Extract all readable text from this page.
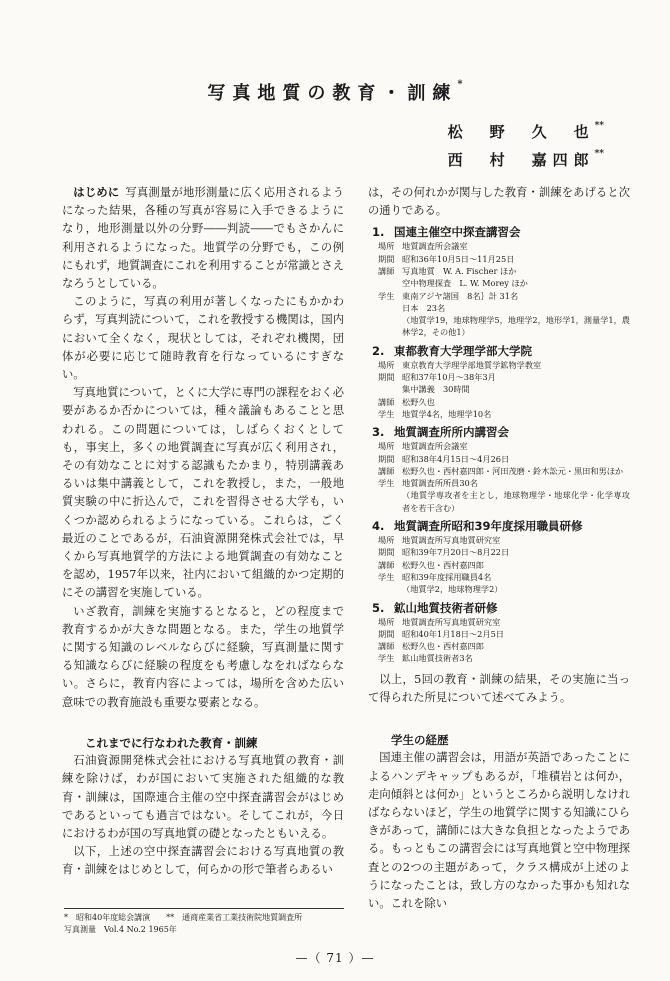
写真地質の教育・訓練*
松　野　久　也**
西　村　嘉四郎**

はじめに 写真測量が地形測量に広く応用されるようになった結果，各種の写真が容易に入手できるようになり，地形測量以外の分野――判読――でもさかんに利用されるようになった。地質学の分野でも，この例にもれず，地質調査にこれを利用することが常識とさえなろうとしている。

このように，写真の利用が著しくなったにもかかわらず，写真判読について，これを教授する機関は，国内において全くなく，現状としては，それぞれ機関，団体が必要に応じて随時教育を行なっているにすぎない。

写真地質について，とくに大学に専門の課程をおく必要があるか否かについては，種々議論もあることと思われる。この問題については，しばらくおくとしても，事実上，多くの地質調査に写真が広く利用され，その有効なことに対する認識もたかまり，特別講義あるいは集中講義として，これを教授し，また，一般地質実験の中に折込んで，これを習得させる大学も，いくつか認められるようになっている。これらは，ごく最近のことであるが，石油資源開発株式会社では，早くから写真地質学的方法による地質調査の有効なことを認め，1957年以来，社内において組織的かつ定期的にその講習を実施している。

いざ教育，訓練を実施するとなると，どの程度まで教育するかが大きな問題となる。また，学生の地質学に関する知識のレベルならびに経験，写真測量に関する知識ならびに経験の程度をも考慮しなをればならない。さらに，教育内容によっては，場所を含めた広い意味での教育施設も重要な要素となる。

これまでに行なわれた教育・訓練

石油資源開発株式会社における写真地質の教育・訓練を除けば，わが国において実施された組織的な教育・訓練は，国際連合主催の空中探査講習会がはじめであるといっても過言ではない。そしてこれが，今日におけるわが国の写真地質の礎となったともいえる。

以下，上述の空中探査講習会における写真地質の教育・訓練をはじめとして，何らかの形で筆者らあるい

は，その何れかが関与した教育・訓練をあげると次の通りである。

1. 国連主催空中探査講習会
場所 地質調査所会議室
期間 昭和36年10月5日～11月25日
講師 写真地質　W. A. Fischer ほか
空中物理探査　L. W. Morey ほか
学生 東南アジヤ諸国　8名｝計 31名
日本　23名
（地質学19，地球物理学5，地理学2，地形学1，測量学1，農林学2，その他1）
2. 東都教育大学理学部大学院
場所 東京教育大学理学部地質学鉱物学教室
期間 昭和37年10月～38年3月
集中講義　30時間
講師 松野久也
学生 地質学4名，地理学10名
3. 地質調査所所内講習会
場所 地質調査所会議室
期間 昭和38年4月15日～4月26日
講師 松野久也・西村嘉四郎・河田茂磨・鈴木訟元・黒田和男ほか
学生 地質調査所所員30名
（地質学専攻者を主とし，地球物理学・地球化学・化学専攻者を若干含む）
4. 地質調査所昭和39年度採用職員研修
場所 地質調査所写真地質研究室
期間 昭和39年7月20日～8月22日
講師 松野久也・西村嘉四郎
学生 昭和39年度採用職員4名
（地質学2，地球物理学2）
5. 鉱山地質技術者研修
場所 地質調査所写真地質研究室
期間 昭和40年1月18日～2月5日
講師 松野久也・西村嘉四郎
学生 鉱山地質技術者3名

以上，5回の教育・訓練の結果，その実施に当って得られた所見について述べてみよう。

学生の経歴

国連主催の講習会は，用語が英語であったことによるハンデキャップもあるが，「堆積岩とは何か，走向傾斜とは何か」というところから説明しなければならないほど，学生の地質学に関する知識にひらきがあって，講師には大きな負担となったようである。もっともこの講習会には写真地質と空中物理探査との2つの主題があって，クラス構成が上述のようになったことは，致し方のなかった事かも知れない。これを除い

*　昭和40年度総会講演　　**　通商産業省工業技術院地質調査所
写真測量　Vol.4 No.2 1965年
—（ 71 ）—
